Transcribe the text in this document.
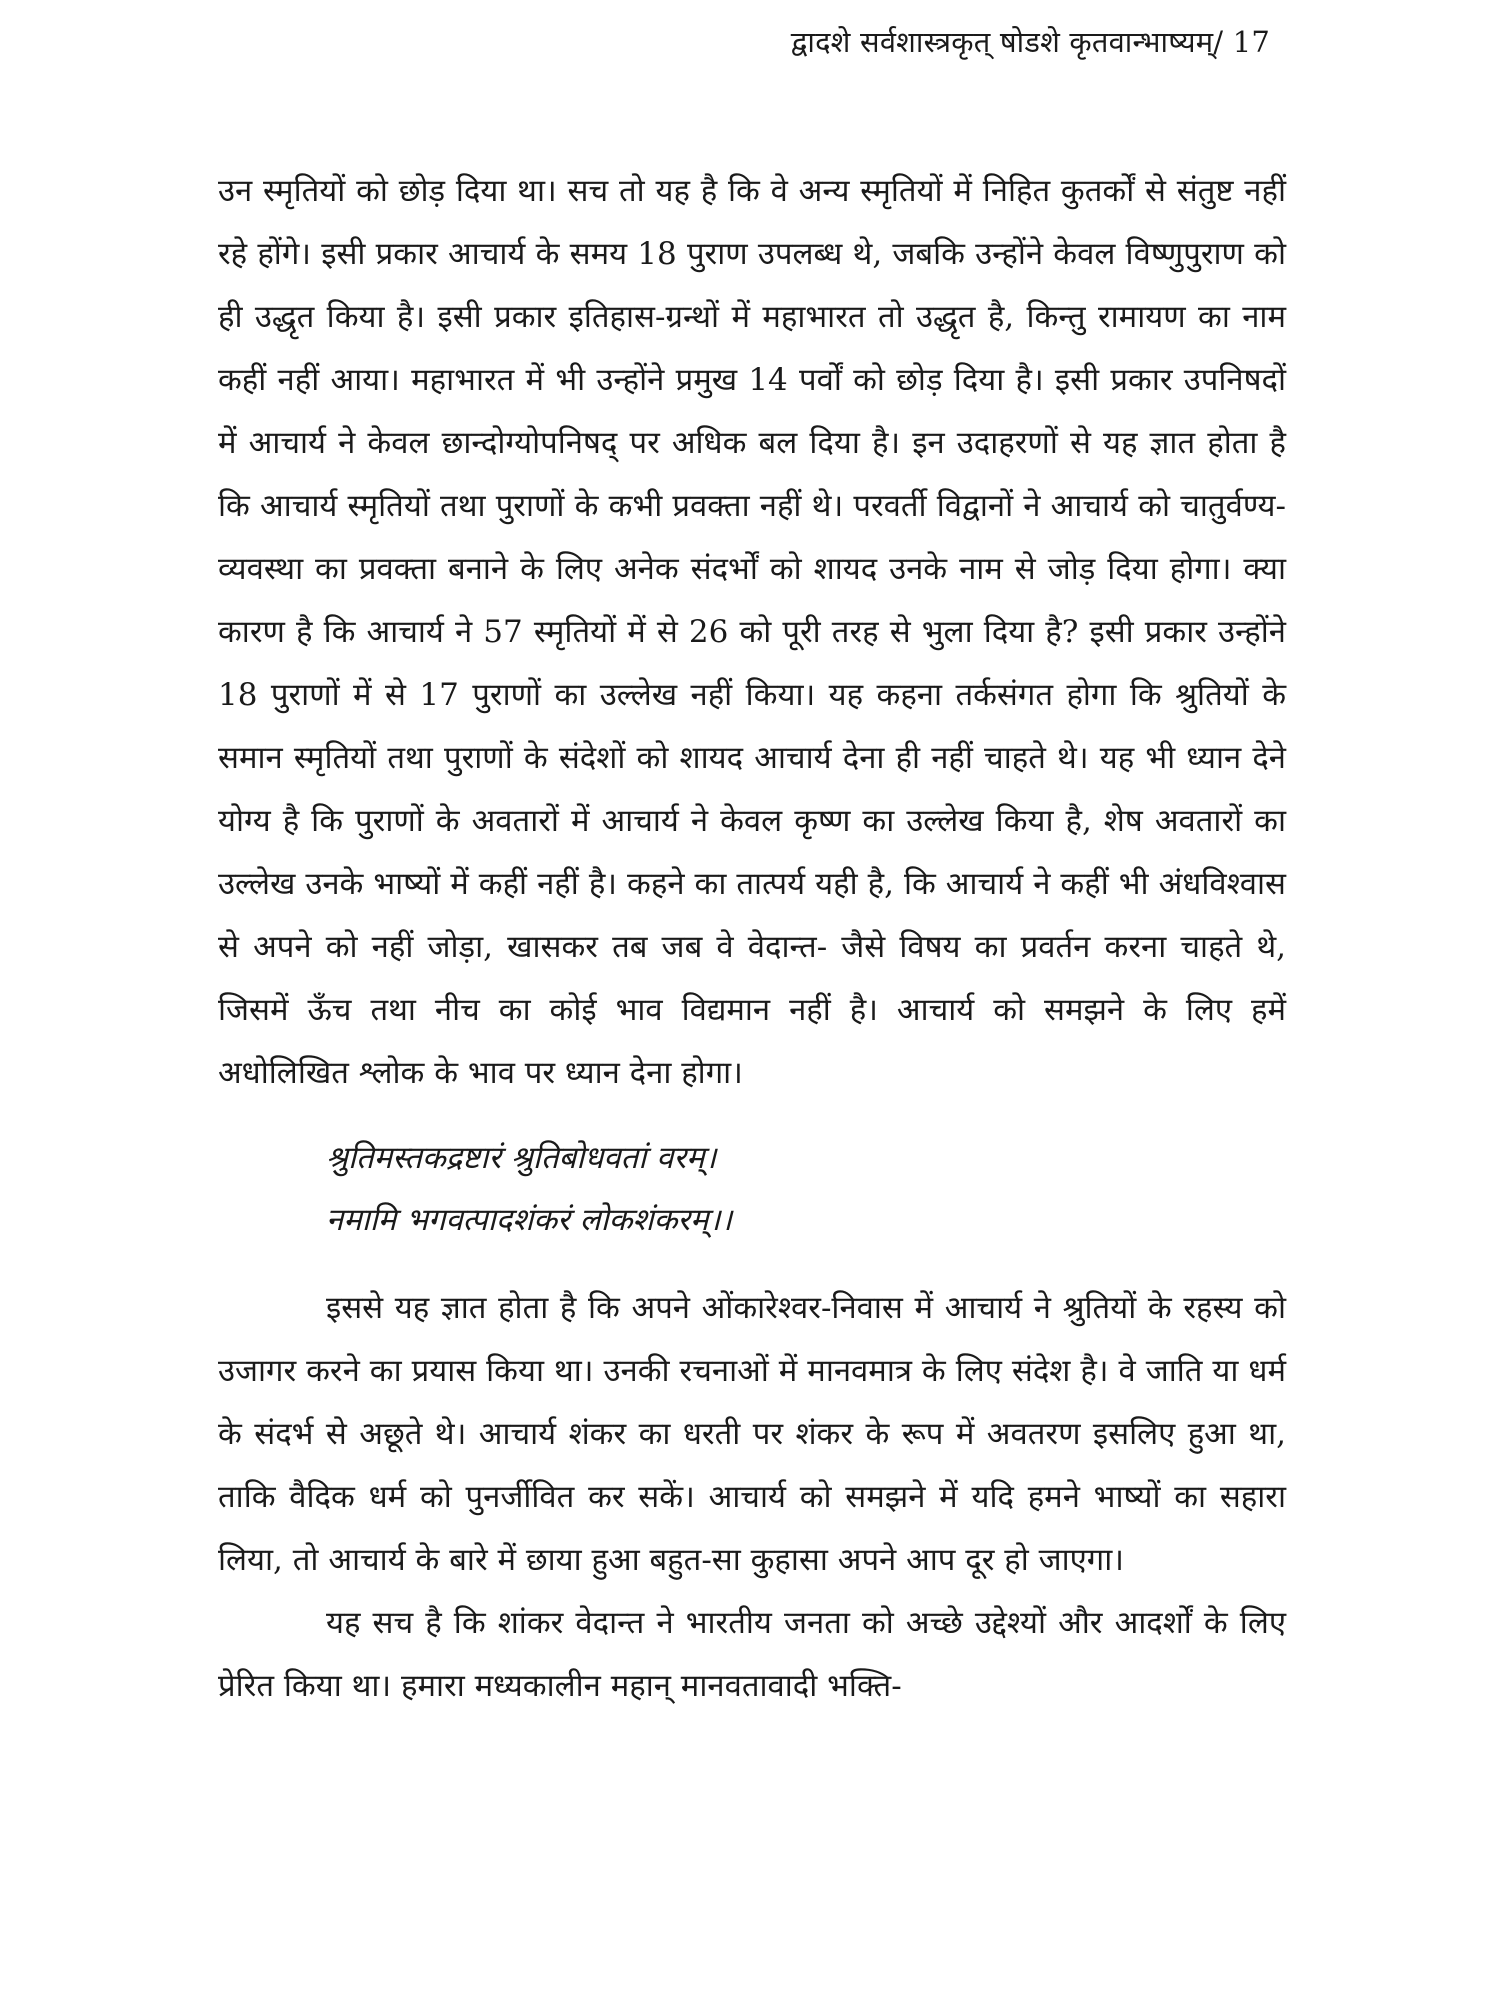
द्वादशे सर्वशास्त्रकृत् षोडशे कृतवान्भाष्यम्/ 17

उन स्मृतियों को छोड़ दिया था। सच तो यह है कि वे अन्य स्मृतियों में निहित कुतर्कों से संतुष्ट नहीं रहे होंगे। इसी प्रकार आचार्य के समय 18 पुराण उपलब्ध थे, जबकि उन्होंने केवल विष्णुपुराण को ही उद्धृत किया है। इसी प्रकार इतिहास-ग्रन्थों में महाभारत तो उद्धृत है, किन्तु रामायण का नाम कहीं नहीं आया। महाभारत में भी उन्होंने प्रमुख 14 पर्वों को छोड़ दिया है। इसी प्रकार उपनिषदों में आचार्य ने केवल छान्दोग्योपनिषद् पर अधिक बल दिया है। इन उदाहरणों से यह ज्ञात होता है कि आचार्य स्मृतियों तथा पुराणों के कभी प्रवक्ता नहीं थे। परवर्ती विद्वानों ने आचार्य को चातुर्वण्य-व्यवस्था का प्रवक्ता बनाने के लिए अनेक संदर्भों को शायद उनके नाम से जोड़ दिया होगा। क्या कारण है कि आचार्य ने 57 स्मृतियों में से 26 को पूरी तरह से भुला दिया है? इसी प्रकार उन्होंने 18 पुराणों में से 17 पुराणों का उल्लेख नहीं किया। यह कहना तर्कसंगत होगा कि श्रुतियों के समान स्मृतियों तथा पुराणों के संदेशों को शायद आचार्य देना ही नहीं चाहते थे। यह भी ध्यान देने योग्य है कि पुराणों के अवतारों में आचार्य ने केवल कृष्ण का उल्लेख किया है, शेष अवतारों का उल्लेख उनके भाष्यों में कहीं नहीं है। कहने का तात्पर्य यही है, कि आचार्य ने कहीं भी अंधविश्वास से अपने को नहीं जोड़ा, खासकर तब जब वे वेदान्त- जैसे विषय का प्रवर्तन करना चाहते थे, जिसमें ऊँच तथा नीच का कोई भाव विद्यमान नहीं है। आचार्य को समझने के लिए हमें अधोलिखित श्लोक के भाव पर ध्यान देना होगा।

श्रुतिमस्तकद्रष्टारं श्रुतिबोधवतां वरम्।
नमामि भगवत्पादशंकरं लोकशंकरम्।।

इससे यह ज्ञात होता है कि अपने ओंकारेश्वर-निवास में आचार्य ने श्रुतियों के रहस्य को उजागर करने का प्रयास किया था। उनकी रचनाओं में मानवमात्र के लिए संदेश है। वे जाति या धर्म के संदर्भ से अछूते थे। आचार्य शंकर का धरती पर शंकर के रूप में अवतरण इसलिए हुआ था, ताकि वैदिक धर्म को पुनर्जीवित कर सकें। आचार्य को समझने में यदि हमने भाष्यों का सहारा लिया, तो आचार्य के बारे में छाया हुआ बहुत-सा कुहासा अपने आप दूर हो जाएगा।

यह सच है कि शांकर वेदान्त ने भारतीय जनता को अच्छे उद्देश्यों और आदर्शों के लिए प्रेरित किया था। हमारा मध्यकालीन महान् मानवतावादी भक्ति-
